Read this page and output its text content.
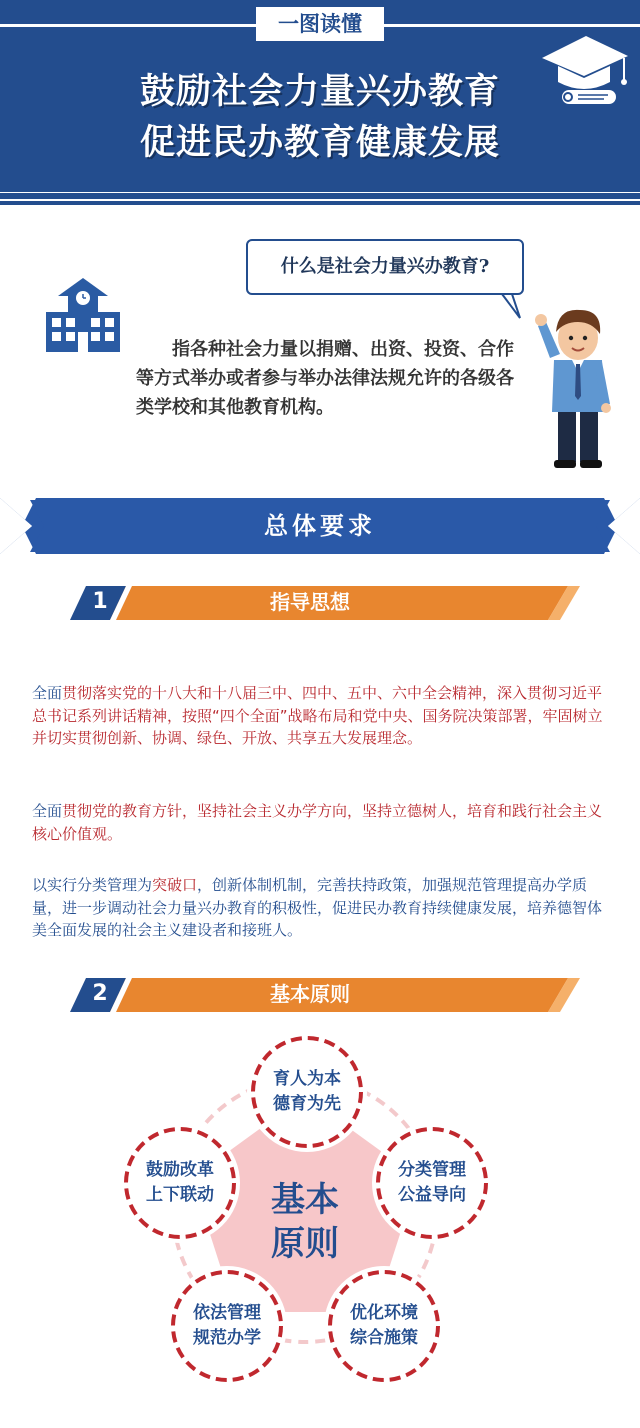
一图读懂
鼓励社会力量兴办教育
促进民办教育健康发展
什么是社会力量兴办教育?
指各种社会力量以捐赠、出资、投资、合作等方式举办或者参与举办法律法规允许的各级各类学校和其他教育机构。
总体要求
1	指导思想
全面贯彻落实党的十八大和十八届三中、四中、五中、六中全会精神，深入贯彻习近平总书记系列讲话精神，按照“四个全面”战略布局和党中央、国务院决策部署，牢固树立并切实贯彻创新、协调、绿色、开放、共享五大发展理念。
全面贯彻党的教育方针，坚持社会主义办学方向，坚持立德树人，培育和践行社会主义核心价值观。
以实行分类管理为突破口，创新体制机制，完善扶持政策，加强规范管理提高办学质量，进一步调动社会力量兴办教育的积极性，促进民办教育持续健康发展，培养德智体美全面发展的社会主义建设者和接班人。
2	基本原则
基本
原则
育人为本
德育为先
分类管理
公益导向
优化环境
综合施策
依法管理
规范办学
鼓励改革
上下联动
